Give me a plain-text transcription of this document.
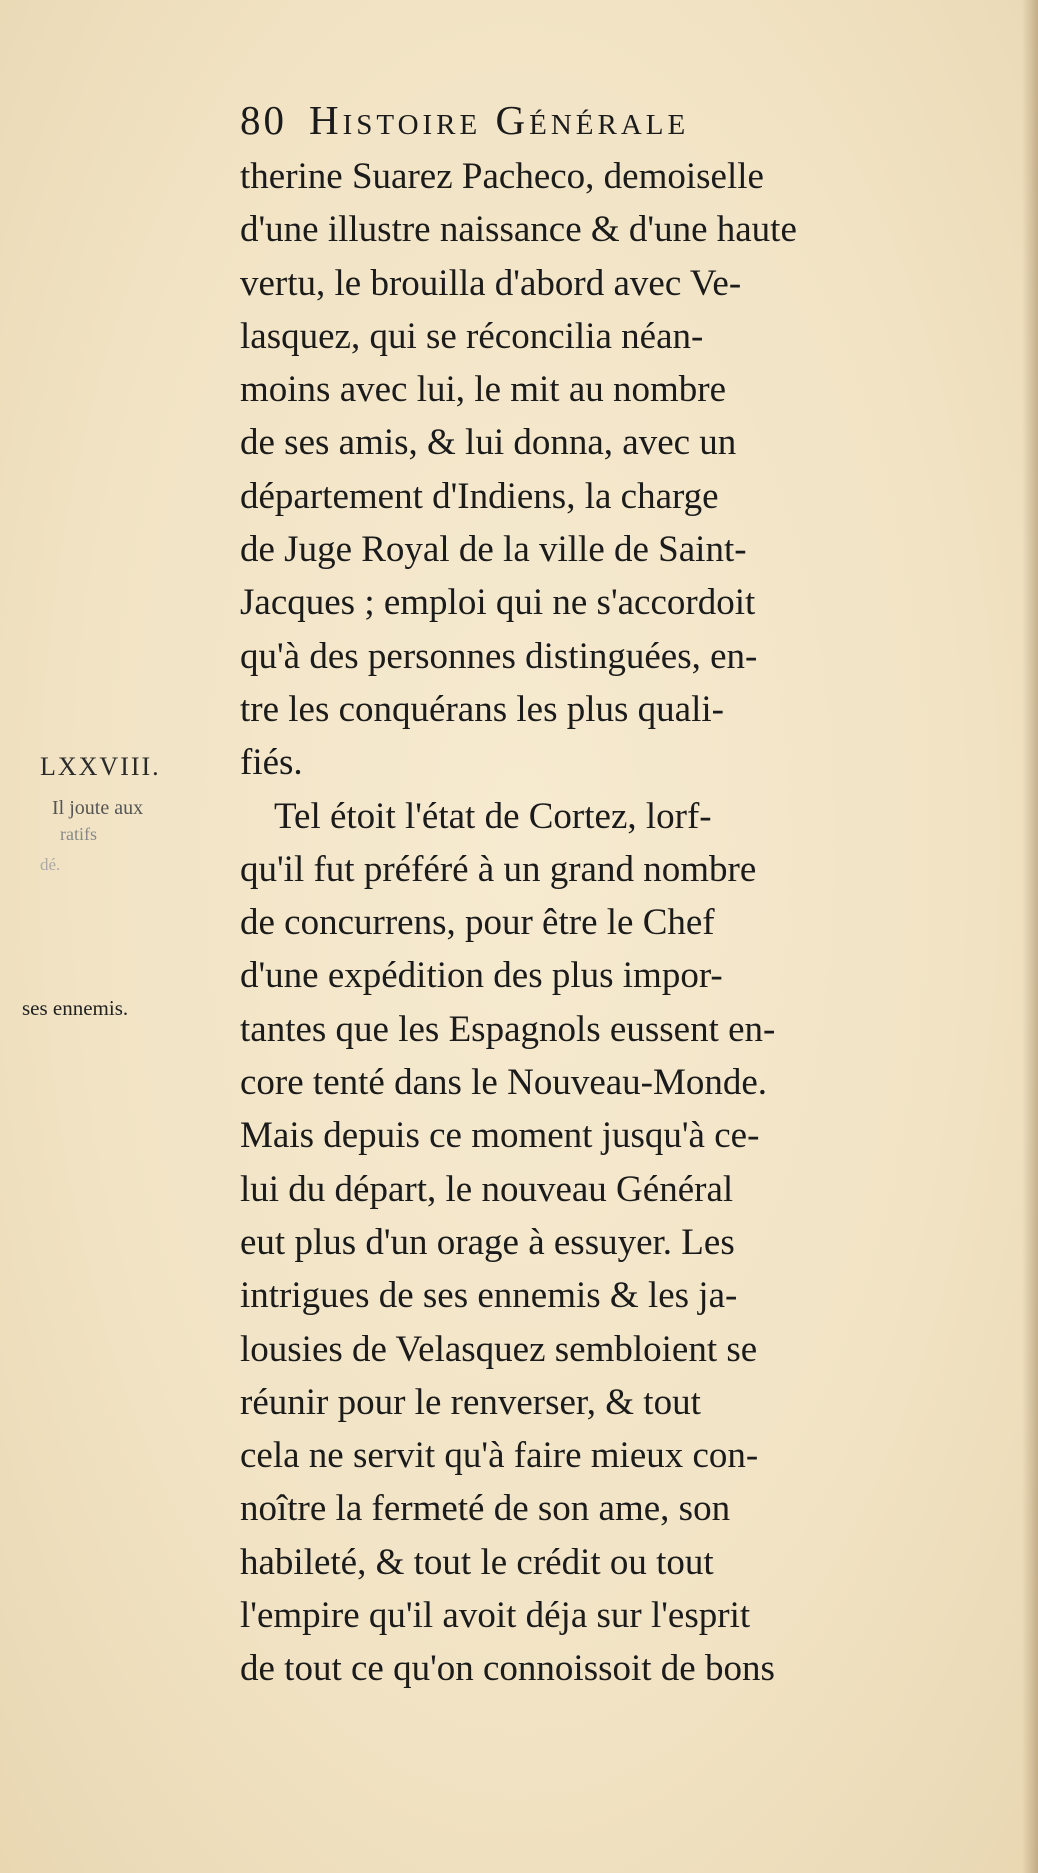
80 Histoire Générale
LXXVIII.
Il joute aux
ratifs
dé.
ses ennemis.
therine Suarez Pacheco, demoiselle
d'une illustre naissance & d'une haute
vertu, le brouilla d'abord avec Ve-
lasquez, qui se réconcilia néan-
moins avec lui, le mit au nombre
de ses amis, & lui donna, avec un
département d'Indiens, la charge
de Juge Royal de la ville de Saint-
Jacques ; emploi qui ne s'accordoit
qu'à des personnes distinguées, en-
tre les conquérans les plus quali-
fiés.
Tel étoit l'état de Cortez, lorf-
qu'il fut préféré à un grand nombre
de concurrens, pour être le Chef
d'une expédition des plus impor-
tantes que les Espagnols eussent en-
core tenté dans le Nouveau-Monde.
Mais depuis ce moment jusqu'à ce-
lui du départ, le nouveau Général
eut plus d'un orage à essuyer. Les
intrigues de ses ennemis & les ja-
lousies de Velasquez sembloient se
réunir pour le renverser, & tout
cela ne servit qu'à faire mieux con-
noître la fermeté de son ame, son
habileté, & tout le crédit ou tout
l'empire qu'il avoit déja sur l'esprit
de tout ce qu'on connoissoit de bons
